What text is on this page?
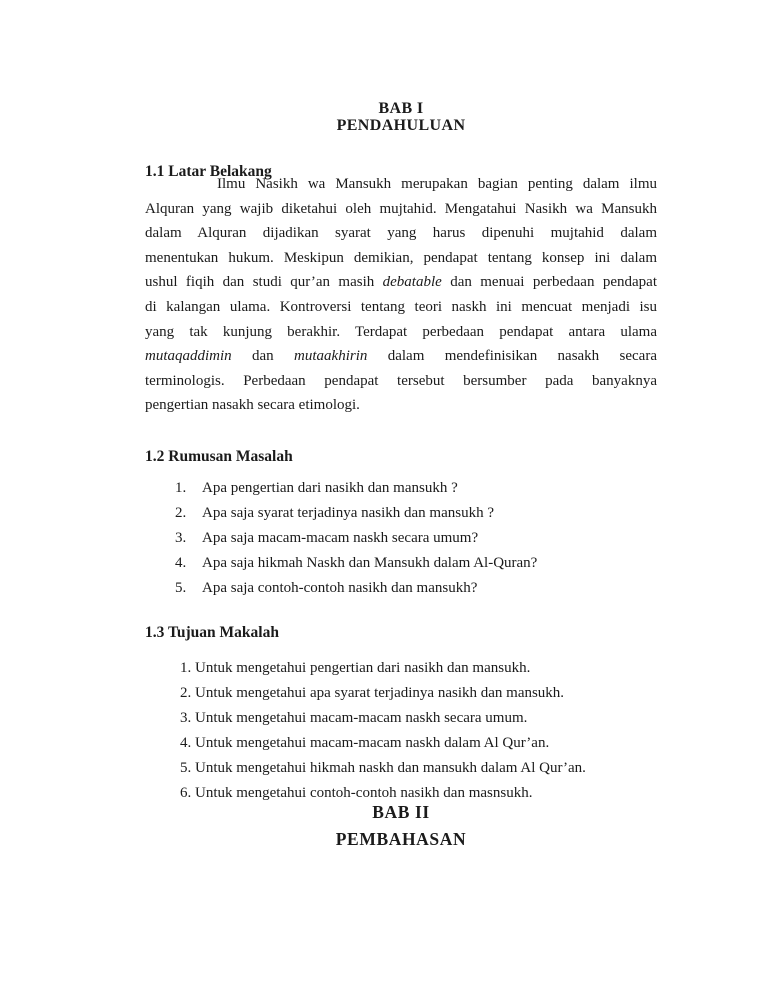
BAB I
PENDAHULUAN
1.1 Latar Belakang
Ilmu Nasikh wa Mansukh merupakan bagian penting dalam ilmu
Alquran yang wajib diketahui oleh mujtahid. Mengatahui Nasikh wa Mansukh
dalam Alquran dijadikan syarat yang harus dipenuhi mujtahid dalam
menentukan hukum. Meskipun demikian, pendapat tentang konsep ini dalam
ushul fiqih dan studi qur’an masih debatable dan menuai perbedaan pendapat
di kalangan ulama. Kontroversi tentang teori naskh ini mencuat menjadi isu
yang tak kunjung berakhir. Terdapat perbedaan pendapat antara ulama
mutaqaddimin dan mutaakhirin dalam mendefinisikan nasakh secara
terminologis. Perbedaan pendapat tersebut bersumber pada banyaknya
pengertian nasakh secara etimologi.
1.2 Rumusan Masalah
1.	Apa pengertian dari nasikh dan mansukh ?
2.	Apa saja syarat terjadinya nasikh dan mansukh ?
3.	Apa saja macam-macam naskh secara umum?
4.	Apa saja hikmah Naskh dan Mansukh dalam Al-Quran?
5.	Apa saja contoh-contoh nasikh dan mansukh?
1.3 Tujuan Makalah
1. Untuk mengetahui pengertian dari nasikh dan mansukh.
2. Untuk mengetahui apa syarat terjadinya nasikh dan mansukh.
3. Untuk mengetahui macam-macam naskh secara umum.
4. Untuk mengetahui macam-macam naskh dalam Al Qur’an.
5. Untuk mengetahui hikmah naskh dan mansukh dalam Al Qur’an.
6. Untuk mengetahui contoh-contoh nasikh dan masnsukh.
BAB II
PEMBAHASAN
